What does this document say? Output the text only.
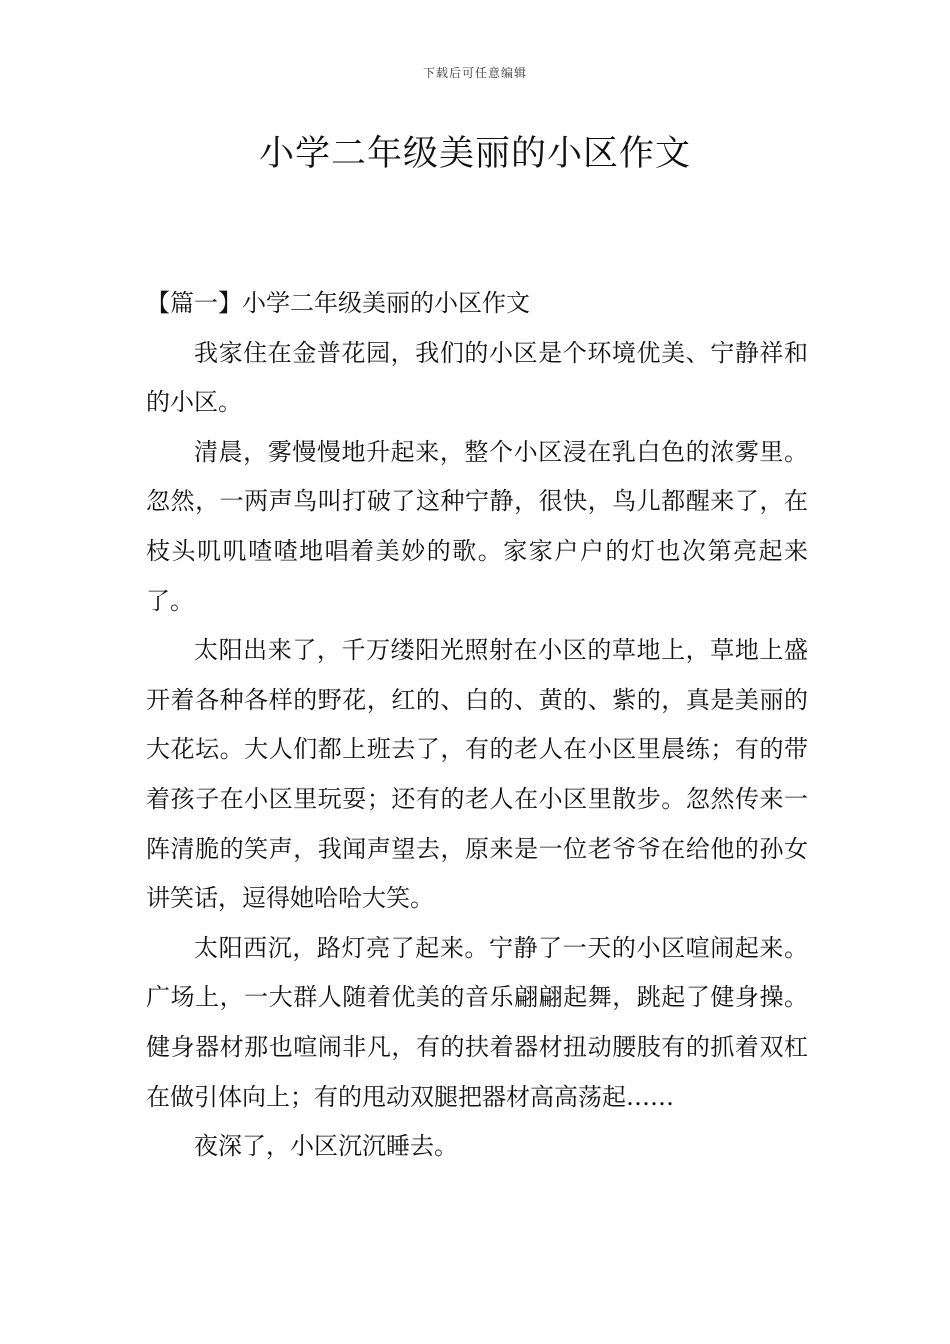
下载后可任意编辑
小学二年级美丽的小区作文

【篇一】小学二年级美丽的小区作文

我家住在金普花园，我们的小区是个环境优美、宁静祥和的小区。

清晨，雾慢慢地升起来，整个小区浸在乳白色的浓雾里。忽然，一两声鸟叫打破了这种宁静，很快，鸟儿都醒来了，在枝头叽叽喳喳地唱着美妙的歌。家家户户的灯也次第亮起来了。

太阳出来了，千万缕阳光照射在小区的草地上，草地上盛开着各种各样的野花，红的、白的、黄的、紫的，真是美丽的大花坛。大人们都上班去了，有的老人在小区里晨练；有的带着孩子在小区里玩耍；还有的老人在小区里散步。忽然传来一阵清脆的笑声，我闻声望去，原来是一位老爷爷在给他的孙女讲笑话，逗得她哈哈大笑。

太阳西沉，路灯亮了起来。宁静了一天的小区喧闹起来。广场上，一大群人随着优美的音乐翩翩起舞，跳起了健身操。健身器材那也喧闹非凡，有的扶着器材扭动腰肢有的抓着双杠在做引体向上；有的甩动双腿把器材高高荡起……

夜深了，小区沉沉睡去。
